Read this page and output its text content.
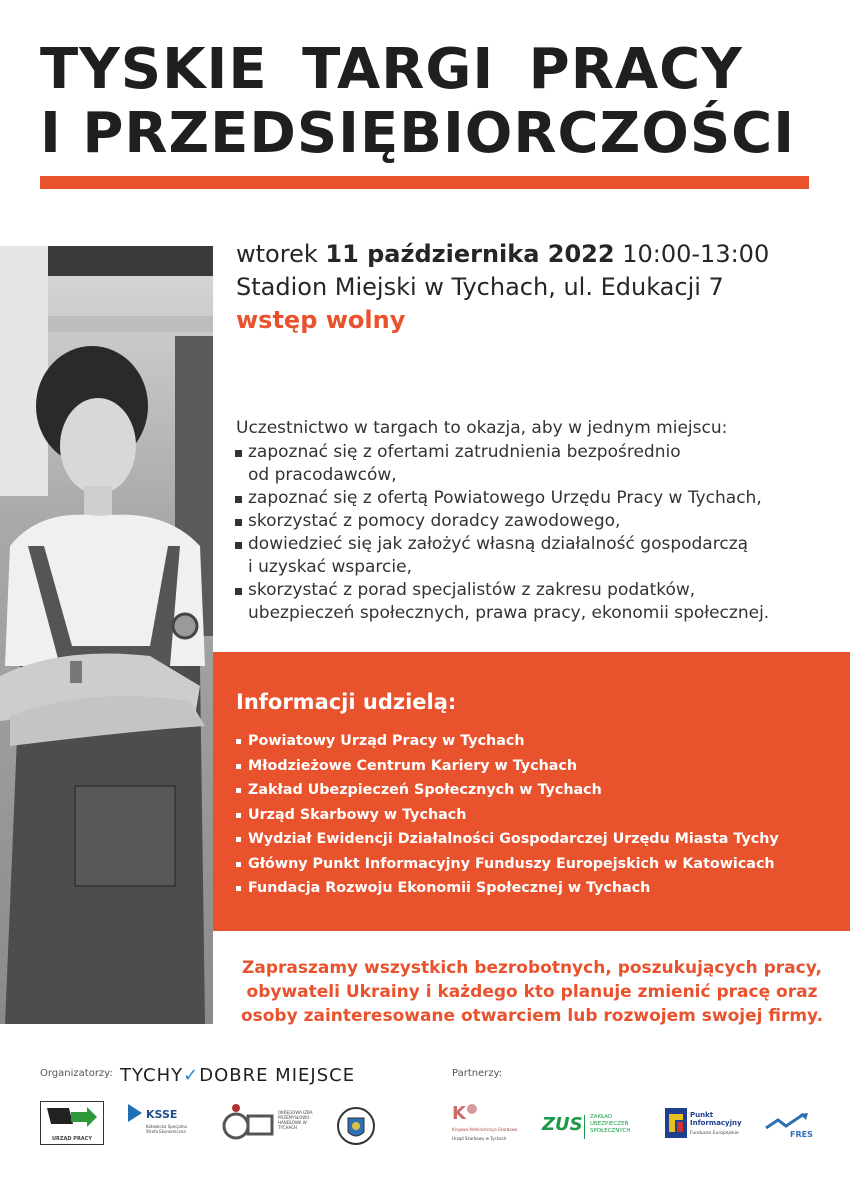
TYSKIE TARGI PRACY
I PRZEDSIĘBIORCZOŚCI
wtorek 11 października 2022 10:00-13:00
Stadion Miejski w Tychach, ul. Edukacji 7
wstęp wolny
Uczestnictwo w targach to okazja, aby w jednym miejscu:
zapoznać się z ofertami zatrudnienia bezpośrednio
od pracodawców,
zapoznać się z ofertą Powiatowego Urzędu Pracy w Tychach,
skorzystać z pomocy doradcy zawodowego,
dowiedzieć się jak założyć własną działalność gospodarczą
i uzyskać wsparcie,
skorzystać z porad specjalistów z zakresu podatków,
ubezpieczeń społecznych, prawa pracy, ekonomii społecznej.
Informacji udzielą:
Powiatowy Urząd Pracy w Tychach
Młodzieżowe Centrum Kariery w Tychach
Zakład Ubezpieczeń Społecznych w Tychach
Urząd Skarbowy w Tychach
Wydział Ewidencji Działalności Gospodarczej Urzędu Miasta Tychy
Główny Punkt Informacyjny Funduszy Europejskich w Katowicach
Fundacja Rozwoju Ekonomii Społecznej w Tychach
Zapraszamy wszystkich bezrobotnych, poszukujących pracy,
obywateli Ukrainy i każdego kto planuje zmienić pracę oraz
osoby zainteresowane otwarciem lub rozwojem swojej firmy.
Organizatorzy: TYCHY✓DOBRE MIEJSCE	Partnerzy:
URZĄD PRACY
KSSE
Katowicka Specjalna Strefa Ekonomiczna
OKRĘGOWA IZBA PRZEMYSŁOWO-HANDLOWA W TYCHACH
K
Krajowa Administracja Skarbowa
Urząd Skarbowy w Tychach
ZUS ZAKŁAD UBEZPIECZEŃ SPOŁECZNYCH
Punkt Informacyjny
Fundusze Europejskie	FRES
